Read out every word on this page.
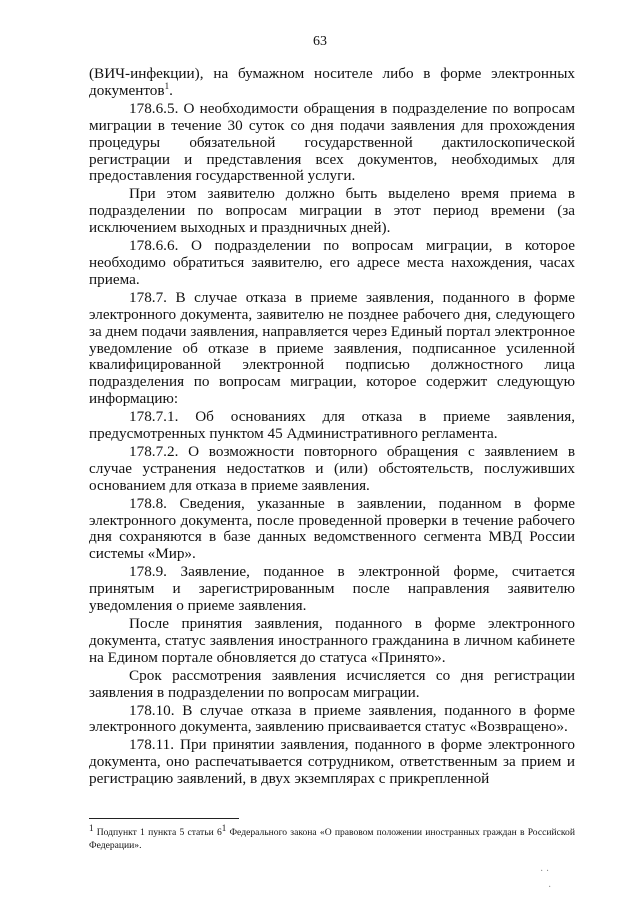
63

(ВИЧ-инфекции), на бумажном носителе либо в форме электронных документов$^1$.

178.6.5. О необходимости обращения в подразделение по вопросам миграции в течение 30 суток со дня подачи заявления для прохождения процедуры обязательной государственной дактилоскопической регистрации и представления всех документов, необходимых для предоставления государственной услуги.

При этом заявителю должно быть выделено время приема в подразделении по вопросам миграции в этот период времени (за исключением выходных и праздничных дней).

178.6.6. О подразделении по вопросам миграции, в которое необходимо обратиться заявителю, его адресе места нахождения, часах приема.

178.7. В случае отказа в приеме заявления, поданного в форме электронного документа, заявителю не позднее рабочего дня, следующего за днем подачи заявления, направляется через Единый портал электронное уведомление об отказе в приеме заявления, подписанное усиленной квалифицированной электронной подписью должностного лица подразделения по вопросам миграции, которое содержит следующую информацию:

178.7.1. Об основаниях для отказа в приеме заявления, предусмотренных пунктом 45 Административного регламента.

178.7.2. О возможности повторного обращения с заявлением в случае устранения недостатков и (или) обстоятельств, послуживших основанием для отказа в приеме заявления.

178.8. Сведения, указанные в заявлении, поданном в форме электронного документа, после проведенной проверки в течение рабочего дня сохраняются в базе данных ведомственного сегмента МВД России системы «Мир».

178.9. Заявление, поданное в электронной форме, считается принятым и зарегистрированным после направления заявителю уведомления о приеме заявления.

После принятия заявления, поданного в форме электронного документа, статус заявления иностранного гражданина в личном кабинете на Едином портале обновляется до статуса «Принято».

Срок рассмотрения заявления исчисляется со дня регистрации заявления в подразделении по вопросам миграции.

178.10. В случае отказа в приеме заявления, поданного в форме электронного документа, заявлению присваивается статус «Возвращено».

178.11. При принятии заявления, поданного в форме электронного документа, оно распечатывается сотрудником, ответственным за прием и регистрацию заявлений, в двух экземплярах с прикрепленной

$^1$ Подпункт 1 пункта 5 статьи $6^1$ Федерального закона «О правовом положении иностранных граждан в Российской Федерации».
· ·
·
